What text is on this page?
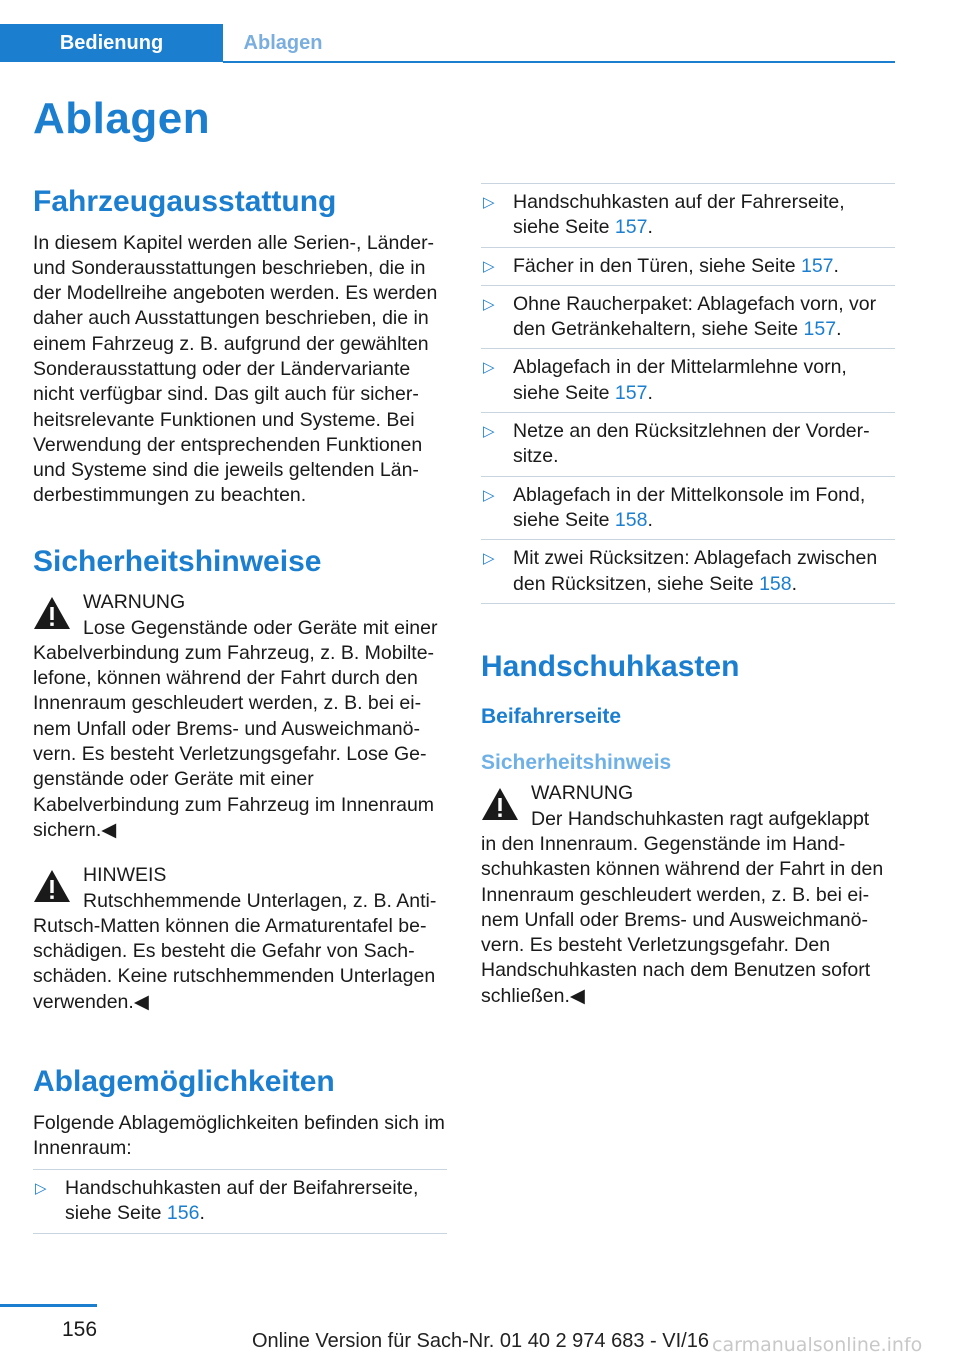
Bedienung	Ablagen
Ablagen
Fahrzeugausstattung

In diesem Kapitel werden alle Serien-, Länder- und Sonderausstattungen beschrieben, die in der Modellreihe angeboten werden. Es werden daher auch Ausstattungen beschrieben, die in einem Fahrzeug z. B. aufgrund der gewählten Sonderausstattung oder der Ländervariante nicht verfügbar sind. Das gilt auch für sicherheitsrelevante Funktionen und Systeme. Bei Verwendung der entsprechenden Funktionen und Systeme sind die jeweils geltenden Länderbestimmungen zu beachten.

Sicherheitshinweise
WARNUNG
Lose Gegenstände oder Geräte mit einer

Kabelverbindung zum Fahrzeug, z. B. Mobiltelefone, können während der Fahrt durch den Innenraum geschleudert werden, z. B. bei einem Unfall oder Brems- und Ausweichmanövern. Es besteht Verletzungsgefahr. Lose Gegenstände oder Geräte mit einer Kabelverbindung zum Fahrzeug im Innenraum sichern.◀

HINWEIS
Rutschhemmende Unterlagen, z. B. Anti-

Rutsch-Matten können die Armaturentafel beschädigen. Es besteht die Gefahr von Sachschäden. Keine rutschhemmenden Unterlagen verwenden.◀

Ablagemöglichkeiten

Folgende Ablagemöglichkeiten befinden sich im Innenraum:

▷ Handschuhkasten auf der Beifahrerseite, siehe Seite 156.
▷ Handschuhkasten auf der Fahrerseite, siehe Seite 157.
▷ Fächer in den Türen, siehe Seite 157.
▷ Ohne Raucherpaket: Ablagefach vorn, vor den Getränkehaltern, siehe Seite 157.
▷ Ablagefach in der Mittelarmlehne vorn, siehe Seite 157.
▷ Netze an den Rücksitzlehnen der Vordersitze.
▷ Ablagefach in der Mittelkonsole im Fond, siehe Seite 158.
▷ Mit zwei Rücksitzen: Ablagefach zwischen den Rücksitzen, siehe Seite 158.
Handschuhkasten
Beifahrerseite
Sicherheitshinweis
WARNUNG
Der Handschuhkasten ragt aufgeklappt

in den Innenraum. Gegenstände im Handschuhkasten können während der Fahrt in den Innenraum geschleudert werden, z. B. bei einem Unfall oder Brems- und Ausweichmanövern. Es besteht Verletzungsgefahr. Den Handschuhkasten nach dem Benutzen sofort schließen.◀

156	Online Version für Sach-Nr. 01 40 2 974 683 - VI/16 carmanualsonline.info
